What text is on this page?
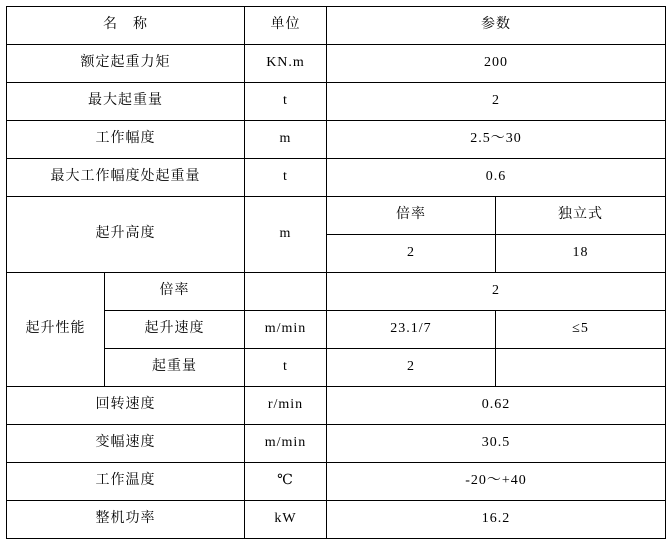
名　称		单位	参数	
额定起重力矩		KN.m	200	
最大起重量		t	2	
工作幅度		m	2.5～30	
最大工作幅度处起重量		t	0.6	
起升高度		m	倍率	独立式
			2	18
起升性能	倍率		2	
	起升速度	m/min	23.1/7	≤5
	起重量	t	2	
回转速度		r/min	0.62	
变幅速度		m/min	30.5	
工作温度		℃	-20～+40	
整机功率		kW	16.2	
